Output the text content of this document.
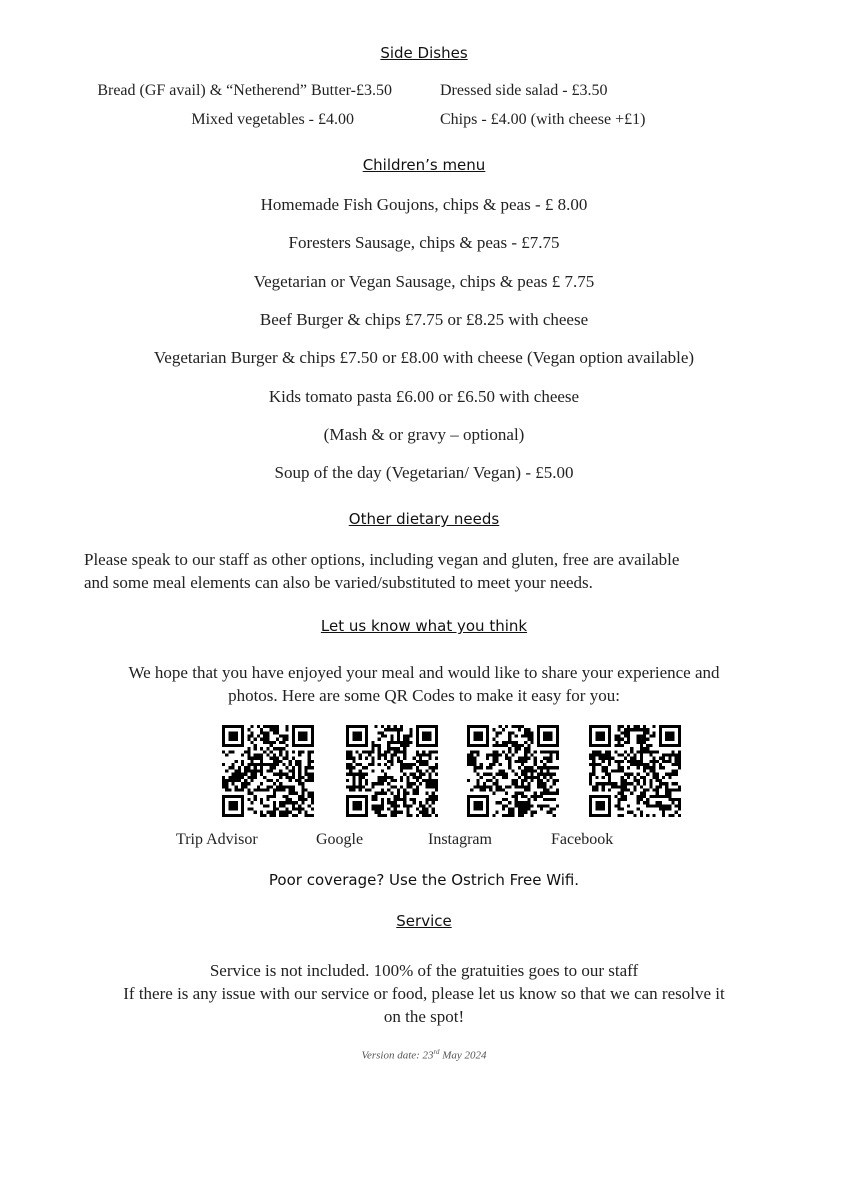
Side Dishes
Bread (GF avail) & “Netherend” Butter-£3.50	Dressed side salad - £3.50
Mixed vegetables - £4.00	Chips - £4.00 (with cheese +£1)
Children’s menu
Homemade Fish Goujons, chips & peas - £ 8.00
Foresters Sausage, chips & peas - £7.75
Vegetarian or Vegan Sausage, chips & peas £ 7.75
Beef Burger & chips £7.75 or £8.25 with cheese
Vegetarian Burger & chips £7.50 or £8.00 with cheese (Vegan option available)
Kids tomato pasta £6.00 or £6.50 with cheese
(Mash & or gravy – optional)
Soup of the day (Vegetarian/ Vegan) - £5.00
Other dietary needs
Please speak to our staff as other options, including vegan and gluten, free are available
and some meal elements can also be varied/substituted to meet your needs.
Let us know what you think
We hope that you have enjoyed your meal and would like to share your experience and
photos. Here are some QR Codes to make it easy for you:
Trip Advisor	Google	Instagram	Facebook
Poor coverage? Use the Ostrich Free Wifi.
Service
Service is not included. 100% of the gratuities goes to our staff
If there is any issue with our service or food, please let us know so that we can resolve it
on the spot!
Version date: 23rd May 2024
